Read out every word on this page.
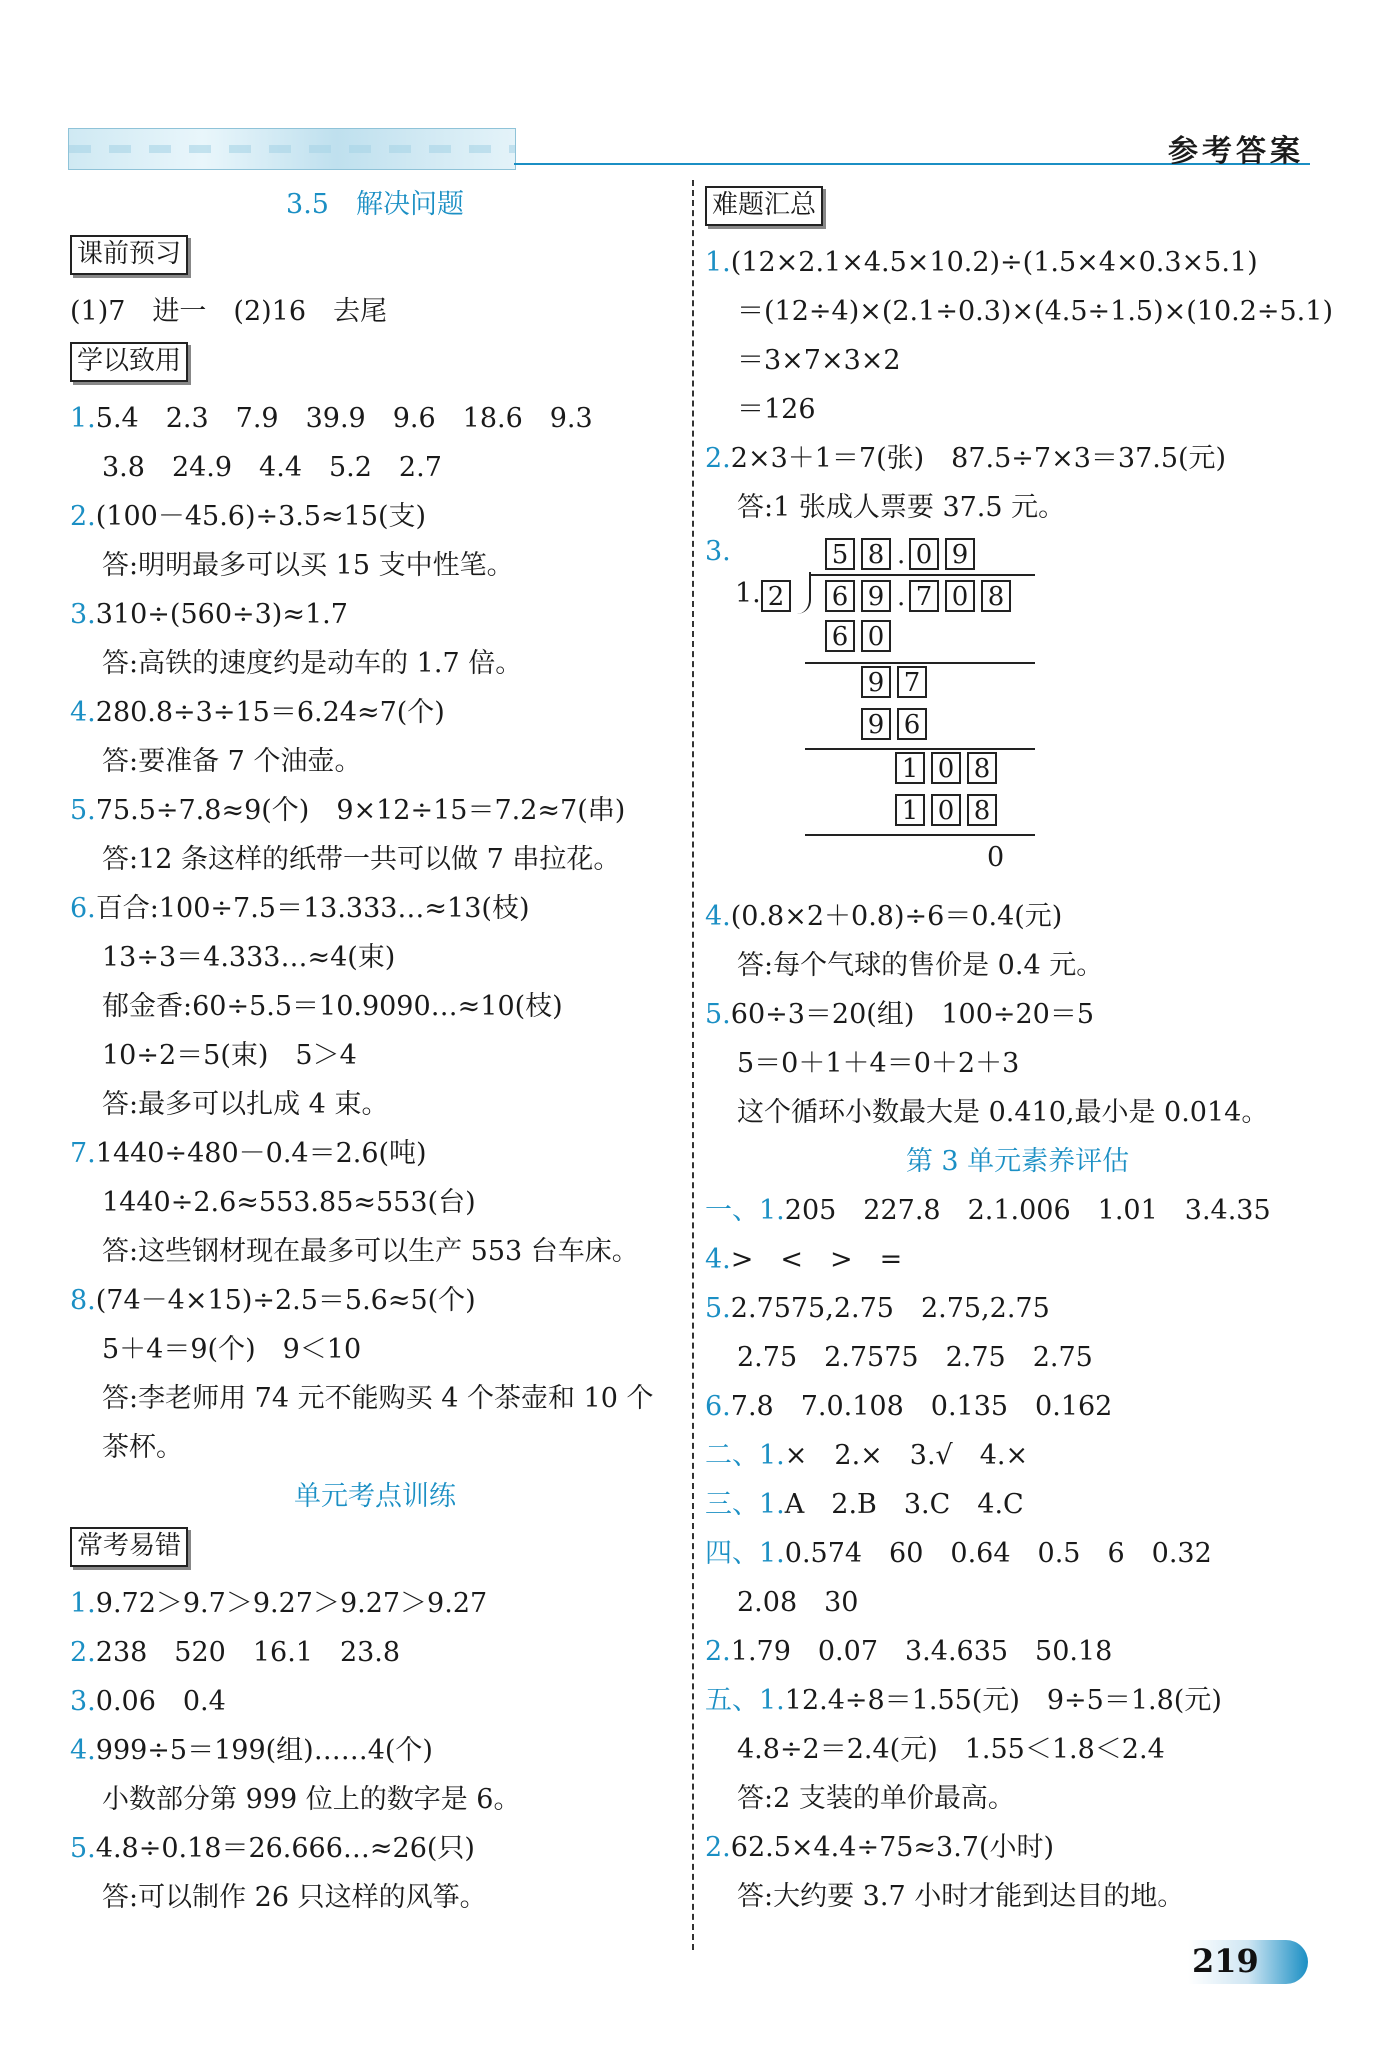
参考答案
3.5　解决问题
课前预习
(1)7　进一　(2)16　去尾
学以致用
1.5.4　2.3　7.9　39.9　9.6　18.6　9.3
3.8　24.9　4.4　5.2　2.7
2.(100－45.6)÷3.5≈15(支)
答:明明最多可以买 15 支中性笔。
3.310÷(560÷3)≈1.7
答:高铁的速度约是动车的 1.7 倍。
4.280.8÷3÷15＝6.24≈7(个)
答:要准备 7 个油壶。
5.75.5÷7.8≈9(个)　9×12÷15＝7.2≈7(串)
答:12 条这样的纸带一共可以做 7 串拉花。
6.百合:100÷7.5＝13.333…≈13(枝)
13÷3＝4.333…≈4(束)
郁金香:60÷5.5＝10.9090…≈10(枝)
10÷2＝5(束)　5＞4
答:最多可以扎成 4 束。
7.1440÷480－0.4＝2.6(吨)
1440÷2.6≈553.85≈553(台)
答:这些钢材现在最多可以生产 553 台车床。
8.(74－4×15)÷2.5＝5.6≈5(个)
5＋4＝9(个)　9＜10
答:李老师用 74 元不能购买 4 个茶壶和 10 个
茶杯。
单元考点训练
常考易错
1.9.72＞9.7＞9.27＞9.27＞9.27
2.238　520　16.1　23.8
3.0.06　0.4
4.999÷5＝199(组)……4(个)
小数部分第 999 位上的数字是 6。
5.4.8÷0.18＝26.666…≈26(只)
答:可以制作 26 只这样的风筝。
难题汇总
1.(12×2.1×4.5×10.2)÷(1.5×4×0.3×5.1)
＝(12÷4)×(2.1÷0.3)×(4.5÷1.5)×(10.2÷5.1)
＝3×7×3×2
＝126
2.2×3＋1＝7(张)　87.5÷7×3＝37.5(元)
答:1 张成人票要 37.5 元。
3.	5 8 . 0 9
1. 2	6 9 . 7 0 8
6 0
9 7
9 6
1 0 8
1 0 8
0
4.(0.8×2＋0.8)÷6＝0.4(元)
答:每个气球的售价是 0.4 元。
5.60÷3＝20(组)　100÷20＝5
5＝0＋1＋4＝0＋2＋3
这个循环小数最大是 0.410,最小是 0.014。
第 3 单元素养评估
一、1.205　227.8　2.1.006　1.01　3.4.35
4.>　<　>　=
5.2.7575,2.75　2.75,2.75
2.75　2.7575　2.75　2.75
6.7.8　7.0.108　0.135　0.162
二、1.×　2.×　3.√　4.×
三、1.A　2.B　3.C　4.C
四、1.0.574　60　0.64　0.5　6　0.32
2.08　30
2.1.79　0.07　3.4.635　50.18
五、1.12.4÷8＝1.55(元)　9÷5＝1.8(元)
4.8÷2＝2.4(元)　1.55＜1.8＜2.4
答:2 支装的单价最高。
2.62.5×4.4÷75≈3.7(小时)
答:大约要 3.7 小时才能到达目的地。
219
